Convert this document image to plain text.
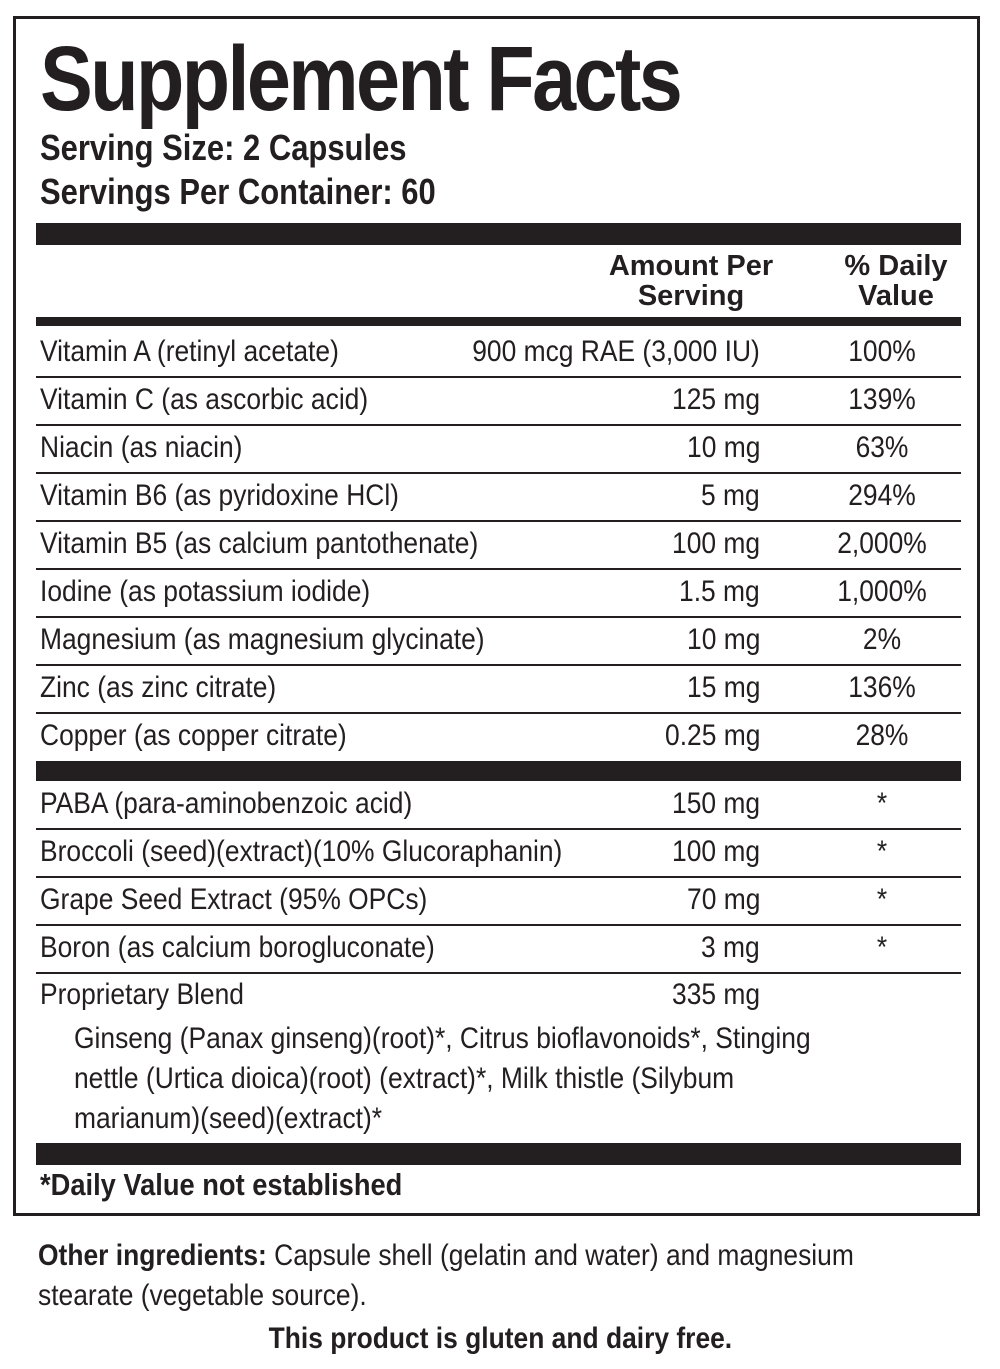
Supplement Facts
Serving Size: 2 Capsules
Servings Per Container: 60
Amount Per
Serving
% Daily
Value
Vitamin A (retinyl acetate)	900 mcg RAE (3,000 IU)	100%
Vitamin C (as ascorbic acid)	125 mg	139%
Niacin (as niacin)	10 mg	63%
Vitamin B6 (as pyridoxine HCl)	5 mg	294%
Vitamin B5 (as calcium pantothenate)	100 mg	2,000%
Iodine (as potassium iodide)	1.5 mg	1,000%
Magnesium (as magnesium glycinate)	10 mg	2%
Zinc (as zinc citrate)	15 mg	136%
Copper (as copper citrate)	0.25 mg	28%
PABA (para-aminobenzoic acid)	150 mg	*
Broccoli (seed)(extract)(10% Glucoraphanin)	100 mg	*
Grape Seed Extract (95% OPCs)	70 mg	*
Boron (as calcium borogluconate)	3 mg	*
Proprietary Blend	335 mg

Ginseng (Panax ginseng)(root)*, Citrus bioflavonoids*, Stinging
nettle (Urtica dioica)(root) (extract)*, Milk thistle (Silybum
marianum)(seed)(extract)*

*Daily Value not established

Other ingredients: Capsule shell (gelatin and water) and magnesium
stearate (vegetable source).

This product is gluten and dairy free.
